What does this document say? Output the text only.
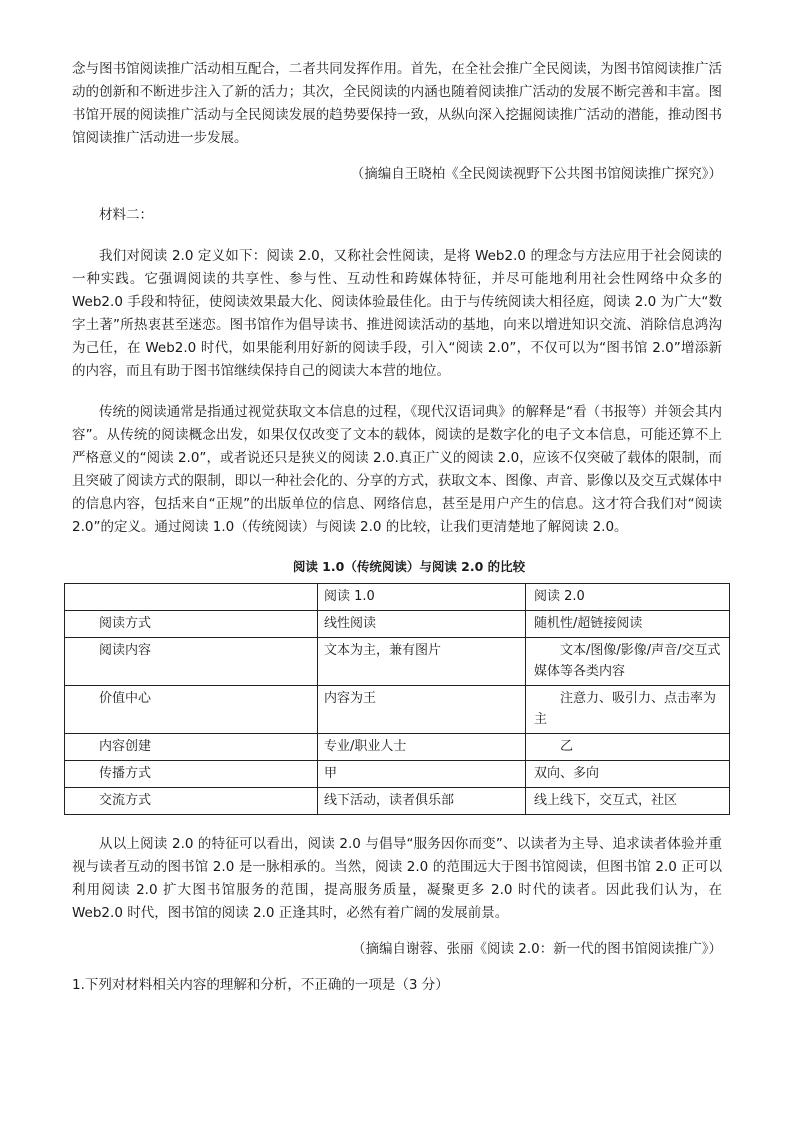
念与图书馆阅读推广活动相互配合，二者共同发挥作用。首先，在全社会推广全民阅读，为图书馆阅读推广活动的创新和不断进步注入了新的活力；其次，全民阅读的内涵也随着阅读推广活动的发展不断完善和丰富。图书馆开展的阅读推广活动与全民阅读发展的趋势要保持一致，从纵向深入挖掘阅读推广活动的潜能，推动图书馆阅读推广活动进一步发展。

（摘编自王晓柏《全民阅读视野下公共图书馆阅读推广探究》）

材料二：

我们对阅读 2.0 定义如下：阅读 2.0，又称社会性阅读，是将 Web2.0 的理念与方法应用于社会阅读的一种实践。它强调阅读的共享性、参与性、互动性和跨媒体特征，并尽可能地利用社会性网络中众多的 Web2.0 手段和特征，使阅读效果最大化、阅读体验最佳化。由于与传统阅读大相径庭，阅读 2.0 为广大“数字土著”所热衷甚至迷恋。图书馆作为倡导读书、推进阅读活动的基地，向来以增进知识交流、消除信息鸿沟为己任，在 Web2.0 时代，如果能利用好新的阅读手段，引入“阅读 2.0”，不仅可以为“图书馆 2.0”增添新的内容，而且有助于图书馆继续保持自己的阅读大本营的地位。

传统的阅读通常是指通过视觉获取文本信息的过程，《现代汉语词典》的解释是“看（书报等）并领会其内容”。从传统的阅读概念出发，如果仅仅改变了文本的载体，阅读的是数字化的电子文本信息，可能还算不上严格意义的“阅读 2.0”，或者说还只是狭义的阅读 2.0.真正广义的阅读 2.0，应该不仅突破了载体的限制，而且突破了阅读方式的限制，即以一种社会化的、分享的方式，获取文本、图像、声音、影像以及交互式媒体中的信息内容，包括来自“正规”的出版单位的信息、网络信息，甚至是用户产生的信息。这才符合我们对“阅读 2.0”的定义。通过阅读 1.0（传统阅读）与阅读 2.0 的比较，让我们更清楚地了解阅读 2.0。

阅读 1.0（传统阅读）与阅读 2.0 的比较

	阅读 1.0	阅读 2.0
阅读方式	线性阅读	随机性/超链接阅读
阅读内容	文本为主，兼有图片	文本/图像/影像/声音/交互式媒体等各类内容
价值中心	内容为王	注意力、吸引力、点击率为主
内容创建	专业/职业人士	乙
传播方式	甲	双向、多向
交流方式	线下活动，读者俱乐部	线上线下，交互式，社区

从以上阅读 2.0 的特征可以看出，阅读 2.0 与倡导“服务因你而变”、以读者为主导、追求读者体验并重视与读者互动的图书馆 2.0 是一脉相承的。当然，阅读 2.0 的范围远大于图书馆阅读，但图书馆 2.0 正可以利用阅读 2.0 扩大图书馆服务的范围，提高服务质量，凝聚更多 2.0 时代的读者。因此我们认为，在 Web2.0 时代，图书馆的阅读 2.0 正逢其时，必然有着广阔的发展前景。

（摘编自谢蓉、张丽《阅读 2.0：新一代的图书馆阅读推广》）

1.下列对材料相关内容的理解和分析，不正确的一项是（3 分）
